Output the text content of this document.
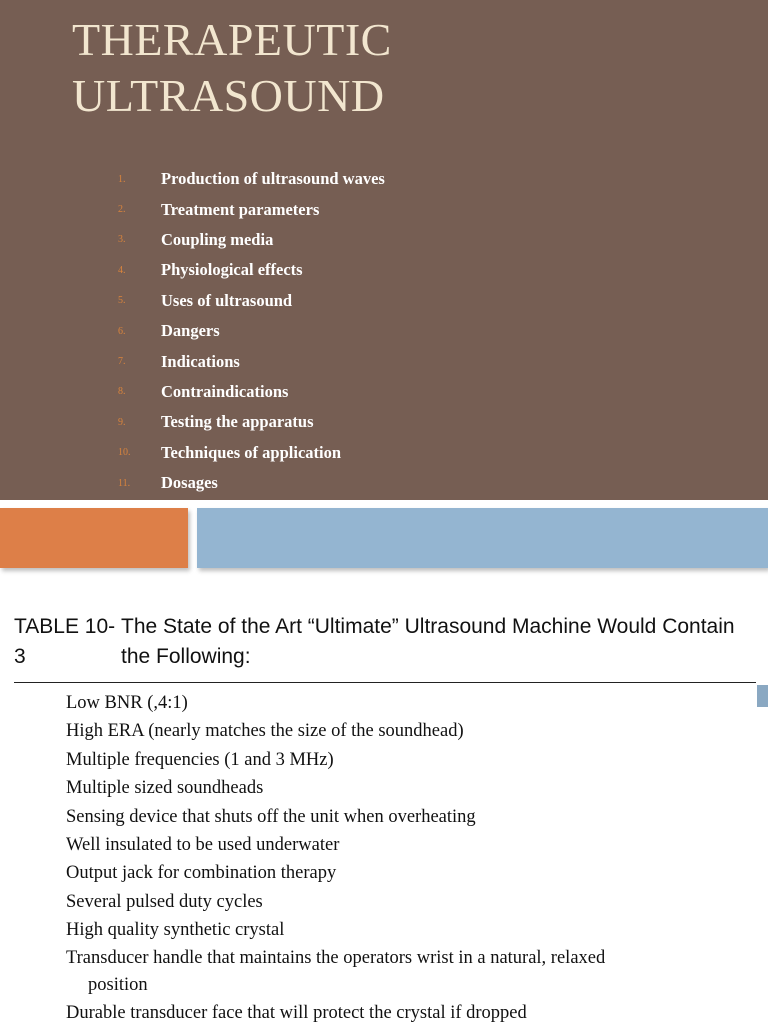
THERAPEUTIC
ULTRASOUND
1.	Production of ultrasound waves
2.	Treatment parameters
3.	Coupling media
4.	Physiological effects
5.	Uses of ultrasound
6.	Dangers
7.	Indications
8.	Contraindications
9.	Testing the apparatus
10.	Techniques of application
11.	Dosages
TABLE 10-3
The State of the Art “Ultimate” Ultrasound Machine Would Contain
the Following:
Low BNR (,4:1)
High ERA (nearly matches the size of the soundhead)
Multiple frequencies (1 and 3 MHz)
Multiple sized soundheads
Sensing device that shuts off the unit when overheating
Well insulated to be used underwater
Output jack for combination therapy
Several pulsed duty cycles
High quality synthetic crystal
Transducer handle that maintains the operators wrist in a natural, relaxed
position
Durable transducer face that will protect the crystal if dropped
